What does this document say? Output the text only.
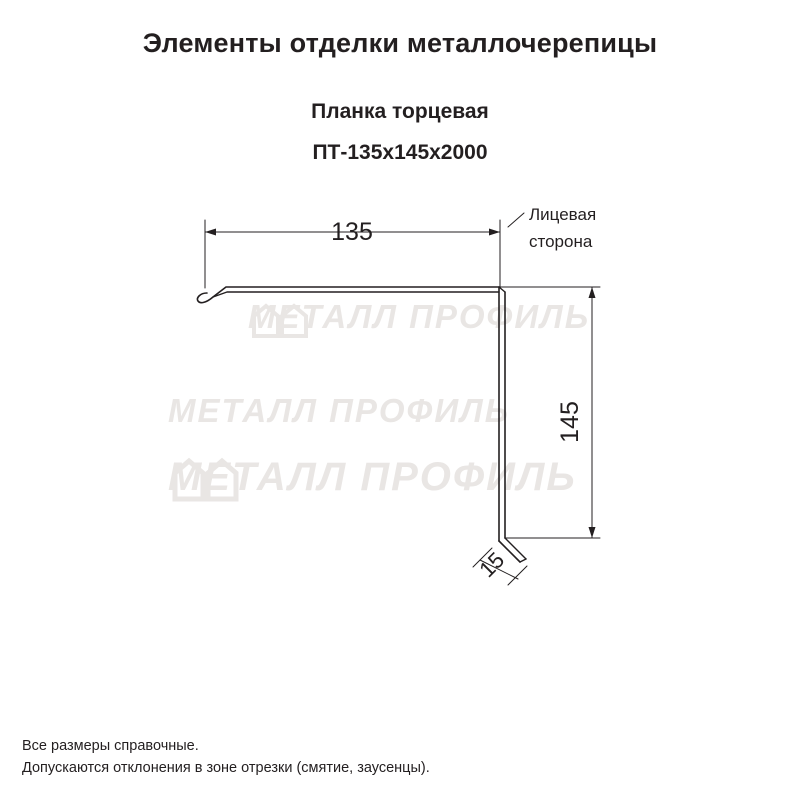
Элементы отделки металлочерепицы
Планка торцевая
ПТ-135х145х2000
МЕТАЛЛ ПРОФИЛЬ
МЕТАЛЛ ПРОФИЛЬ
МЕТАЛЛ ПРОФИЛЬ
135
145
15
Лицевая
сторона
Все размеры справочные.
Допускаются отклонения в зоне отрезки (смятие, заусенцы).
